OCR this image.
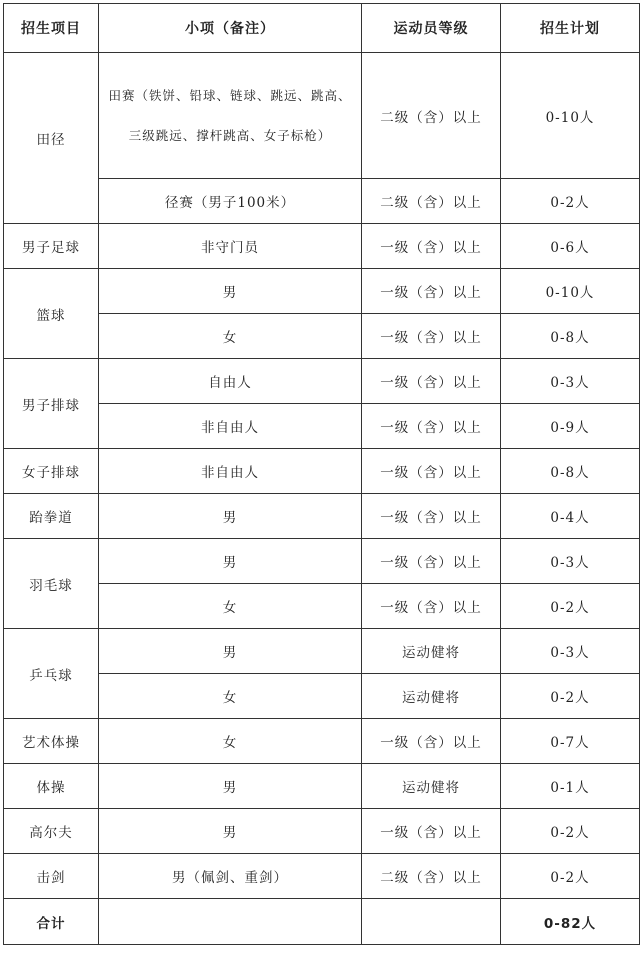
招生项目	小项（备注）	运动员等级	招生计划
田径	田赛（铁饼、铅球、链球、跳远、跳高、三级跳远、撑杆跳高、女子标枪）	二级（含）以上	0-10人
	径赛（男子100米）	二级（含）以上	0-2人
男子足球	非守门员	一级（含）以上	0-6人
篮球	男	一级（含）以上	0-10人
	女	一级（含）以上	0-8人
男子排球	自由人	一级（含）以上	0-3人
	非自由人	一级（含）以上	0-9人
女子排球	非自由人	一级（含）以上	0-8人
跆拳道	男	一级（含）以上	0-4人
羽毛球	男	一级（含）以上	0-3人
	女	一级（含）以上	0-2人
乒乓球	男	运动健将	0-3人
	女	运动健将	0-2人
艺术体操	女	一级（含）以上	0-7人
体操	男	运动健将	0-1人
高尔夫	男	一级（含）以上	0-2人
击剑	男（佩剑、重剑）	二级（含）以上	0-2人
合计			0-82人
